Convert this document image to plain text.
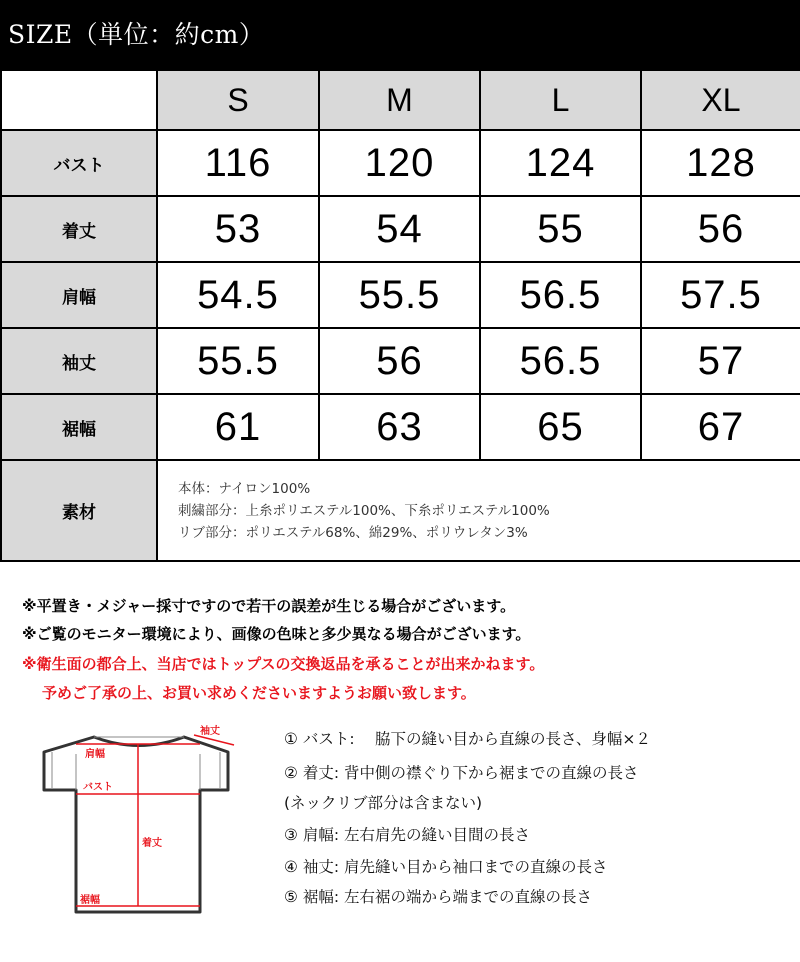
SIZE（単位：約cm）
	S	M	L	XL
バスト	116	120	124	128
着丈	53	54	55	56
肩幅	54.5	55.5	56.5	57.5
袖丈	55.5	56	56.5	57
裾幅	61	63	65	67
素材	本体：ナイロン100%
刺繍部分：上糸ポリエステル100%、下糸ポリエステル100%
リブ部分：ポリエステル68%、綿29%、ポリウレタン3%			
※平置き・メジャー採寸ですので若干の誤差が生じる場合がございます。
※ご覧のモニター環境により、画像の色味と多少異なる場合がございます。
※衛生面の都合上、当店ではトップスの交換返品を承ることが出来かねます。
予めご了承の上、お買い求めくださいますようお願い致します。
肩幅
袖丈
バスト
着丈
裾幅
① バスト:　 脇下の縫い目から直線の長さ、身幅×２
② 着丈: 背中側の襟ぐり下から裾までの直線の長さ
(ネックリブ部分は含まない)
③ 肩幅: 左右肩先の縫い目間の長さ
④ 袖丈: 肩先縫い目から袖口までの直線の長さ
⑤ 裾幅: 左右裾の端から端までの直線の長さ
